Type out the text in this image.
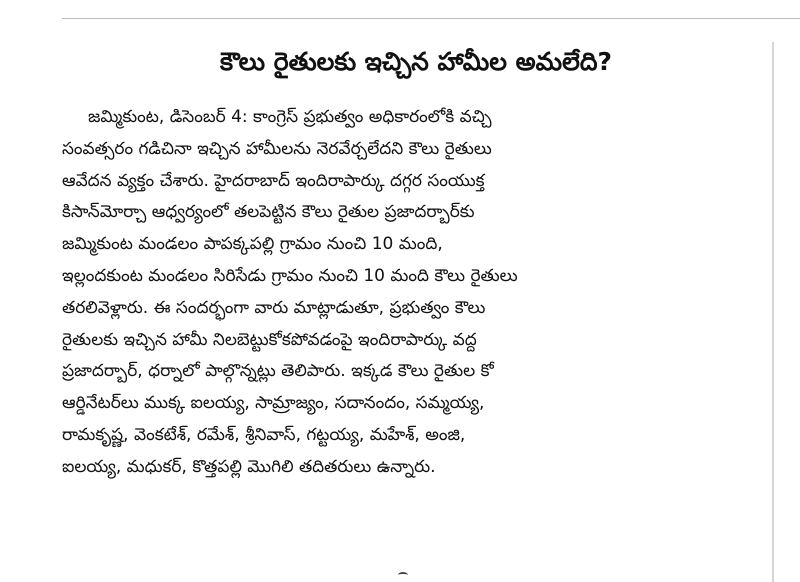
కౌలు రైతులకు ఇచ్చిన హామీల అమలేది?
జమ్మికుంట, డిసెంబర్ 4: కాంగ్రెస్ ప్రభుత్వం అధికారంలోకి వచ్చి
సంవత్సరం గడిచినా ఇచ్చిన హామీలను నెరవేర్చలేదని కౌలు రైతులు
ఆవేదన వ్యక్తం చేశారు. హైదరాబాద్ ఇందిరాపార్కు దగ్గర సంయుక్త
కిసాన్‌మోర్చా ఆధ్వర్యంలో తలపెట్టిన కౌలు రైతుల ప్రజాదర్బార్‌కు
జమ్మికుంట మండలం పాపక్కపల్లి గ్రామం నుంచి 10 మంది,
ఇల్లందకుంట మండలం సిరిసేడు గ్రామం నుంచి 10 మంది కౌలు రైతులు
తరలివెళ్లారు. ఈ సందర్భంగా వారు మాట్లాడుతూ, ప్రభుత్వం కౌలు
రైతులకు ఇచ్చిన హామీ నిలబెట్టుకోకపోవడంపై ఇందిరాపార్కు వద్ద
ప్రజాదర్బార్, ధర్నాలో పాల్గొన్నట్లు తెలిపారు. ఇక్కడ కౌలు రైతుల కో
ఆర్డినేటర్‌లు ముక్క ఐలయ్య, సామ్రాజ్యం, సదానందం, సమ్మయ్య,
రామకృష్ణ, వెంకటేశ్, రమేశ్, శ్రీనివాస్, గట్టయ్య, మహేశ్, అంజి,
ఐలయ్య, మధుకర్, కొత్తపల్లి మొగిలి తదితరులు ఉన్నారు.
